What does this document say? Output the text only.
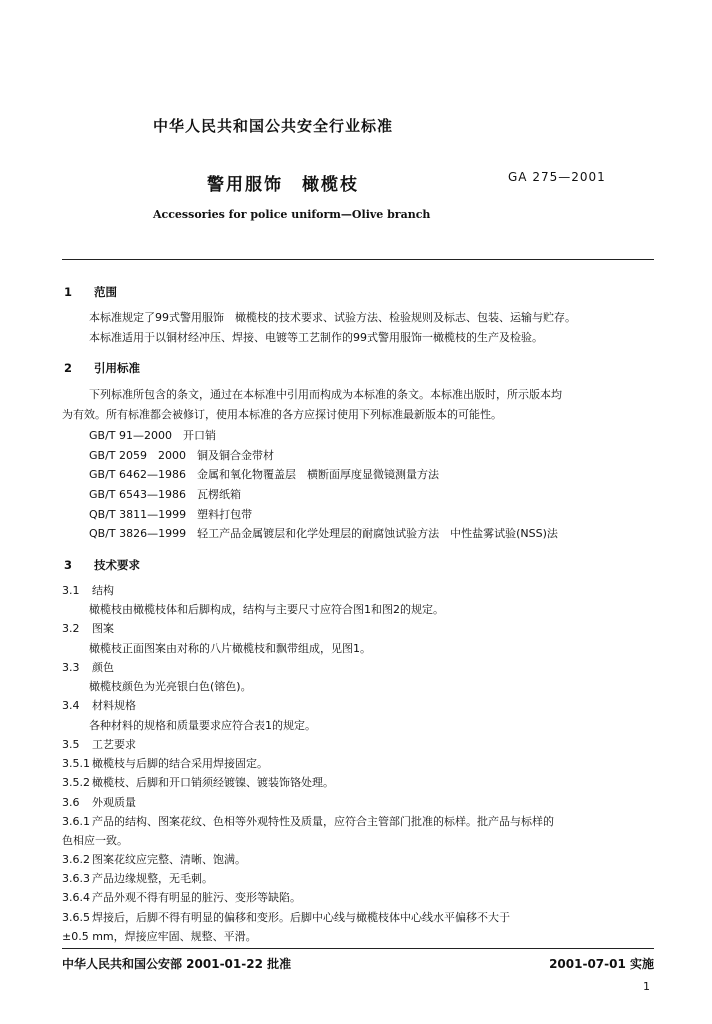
中华人民共和国公共安全行业标准
警用服饰　橄榄枝	GA 275—2001
Accessories for police uniform—Olive branch
1 范围
本标准规定了99式警用服饰　橄榄枝的技术要求、试验方法、检验规则及标志、包装、运输与贮存。
本标准适用于以铜材经冲压、焊接、电镀等工艺制作的99式警用服饰一橄榄枝的生产及检验。
2 引用标准
下列标准所包含的条文，通过在本标准中引用而构成为本标准的条文。本标准出版时，所示版本均
为有效。所有标准都会被修订，使用本标准的各方应探讨使用下列标准最新版本的可能性。
GB/T 91—2000　开口销
GB/T 2059　2000　铜及铜合金带材
GB/T 6462—1986　金属和氧化物覆盖层　横断面厚度显微镜测量方法
GB/T 6543—1986　瓦楞纸箱
QB/T 3811—1999　塑料打包带
QB/T 3826—1999　轻工产品金属镀层和化学处理层的耐腐蚀试验方法　中性盐雾试验(NSS)法
3 技术要求
3.1 结构
橄榄枝由橄榄枝体和后脚构成，结构与主要尺寸应符合图1和图2的规定。
3.2 图案
橄榄枝正面图案由对称的八片橄榄枝和飘带组成，见图1。
3.3 颜色
橄榄枝颜色为光亮银白色(镕色)。
3.4 材料规格
各种材料的规格和质量要求应符合表1的规定。
3.5 工艺要求
3.5.1 橄榄枝与后脚的结合采用焊接固定。
3.5.2 橄榄枝、后脚和开口销须经镀镍、镀装饰铬处理。
3.6 外观质量
3.6.1 产品的结构、图案花纹、色相等外观特性及质量，应符合主管部门批准的标样。批产品与标样的
色相应一致。
3.6.2 图案花纹应完整、清晰、饱满。
3.6.3 产品边缘规整，无毛刺。
3.6.4 产品外观不得有明显的脏污、变形等缺陷。
3.6.5 焊接后，后脚不得有明显的偏移和变形。后脚中心线与橄榄枝体中心线水平偏移不大于
±0.5 mm，焊接应牢固、规整、平滑。
中华人民共和国公安部 2001-01-22 批准	2001-07-01 实施
1
